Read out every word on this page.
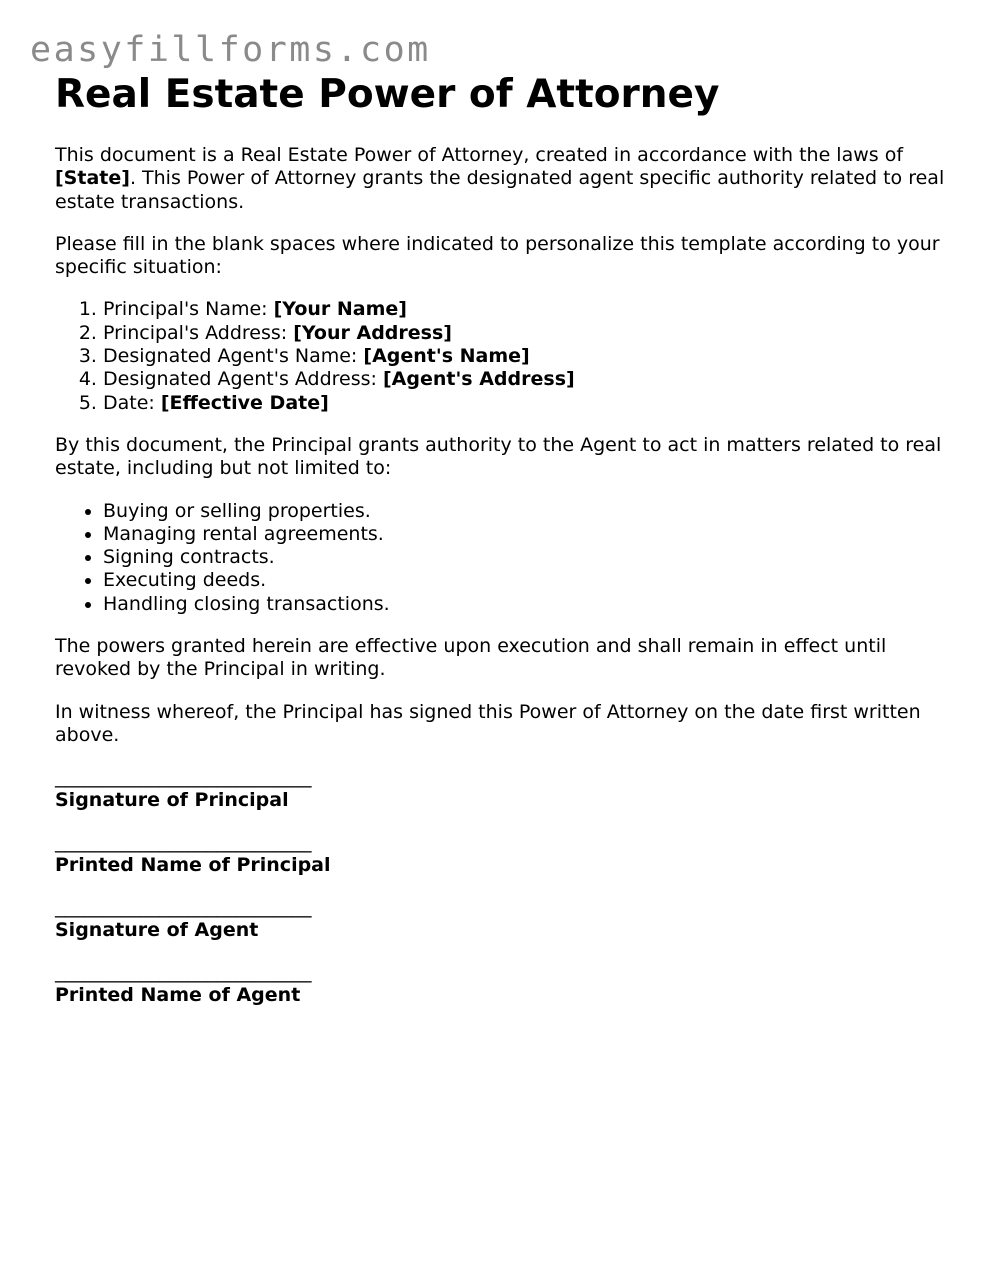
easyfillforms.com
Real Estate Power of Attorney

This document is a Real Estate Power of Attorney, created in accordance with the laws of [State]. This Power of Attorney grants the designated agent specific authority related to real estate transactions.

Please fill in the blank spaces where indicated to personalize this template according to your specific situation:

1. Principal's Name: [Your Name]
2. Principal's Address: [Your Address]
3. Designated Agent's Name: [Agent's Name]
4. Designated Agent's Address: [Agent's Address]
5. Date: [Effective Date]

By this document, the Principal grants authority to the Agent to act in matters related to real estate, including but not limited to:

• Buying or selling properties.
• Managing rental agreements.
• Signing contracts.
• Executing deeds.
• Handling closing transactions.

The powers granted herein are effective upon execution and shall remain in effect until revoked by the Principal in writing.

In witness whereof, the Principal has signed this Power of Attorney on the date first written above.

___________________________
Signature of Principal
___________________________
Printed Name of Principal
___________________________
Signature of Agent
___________________________
Printed Name of Agent
